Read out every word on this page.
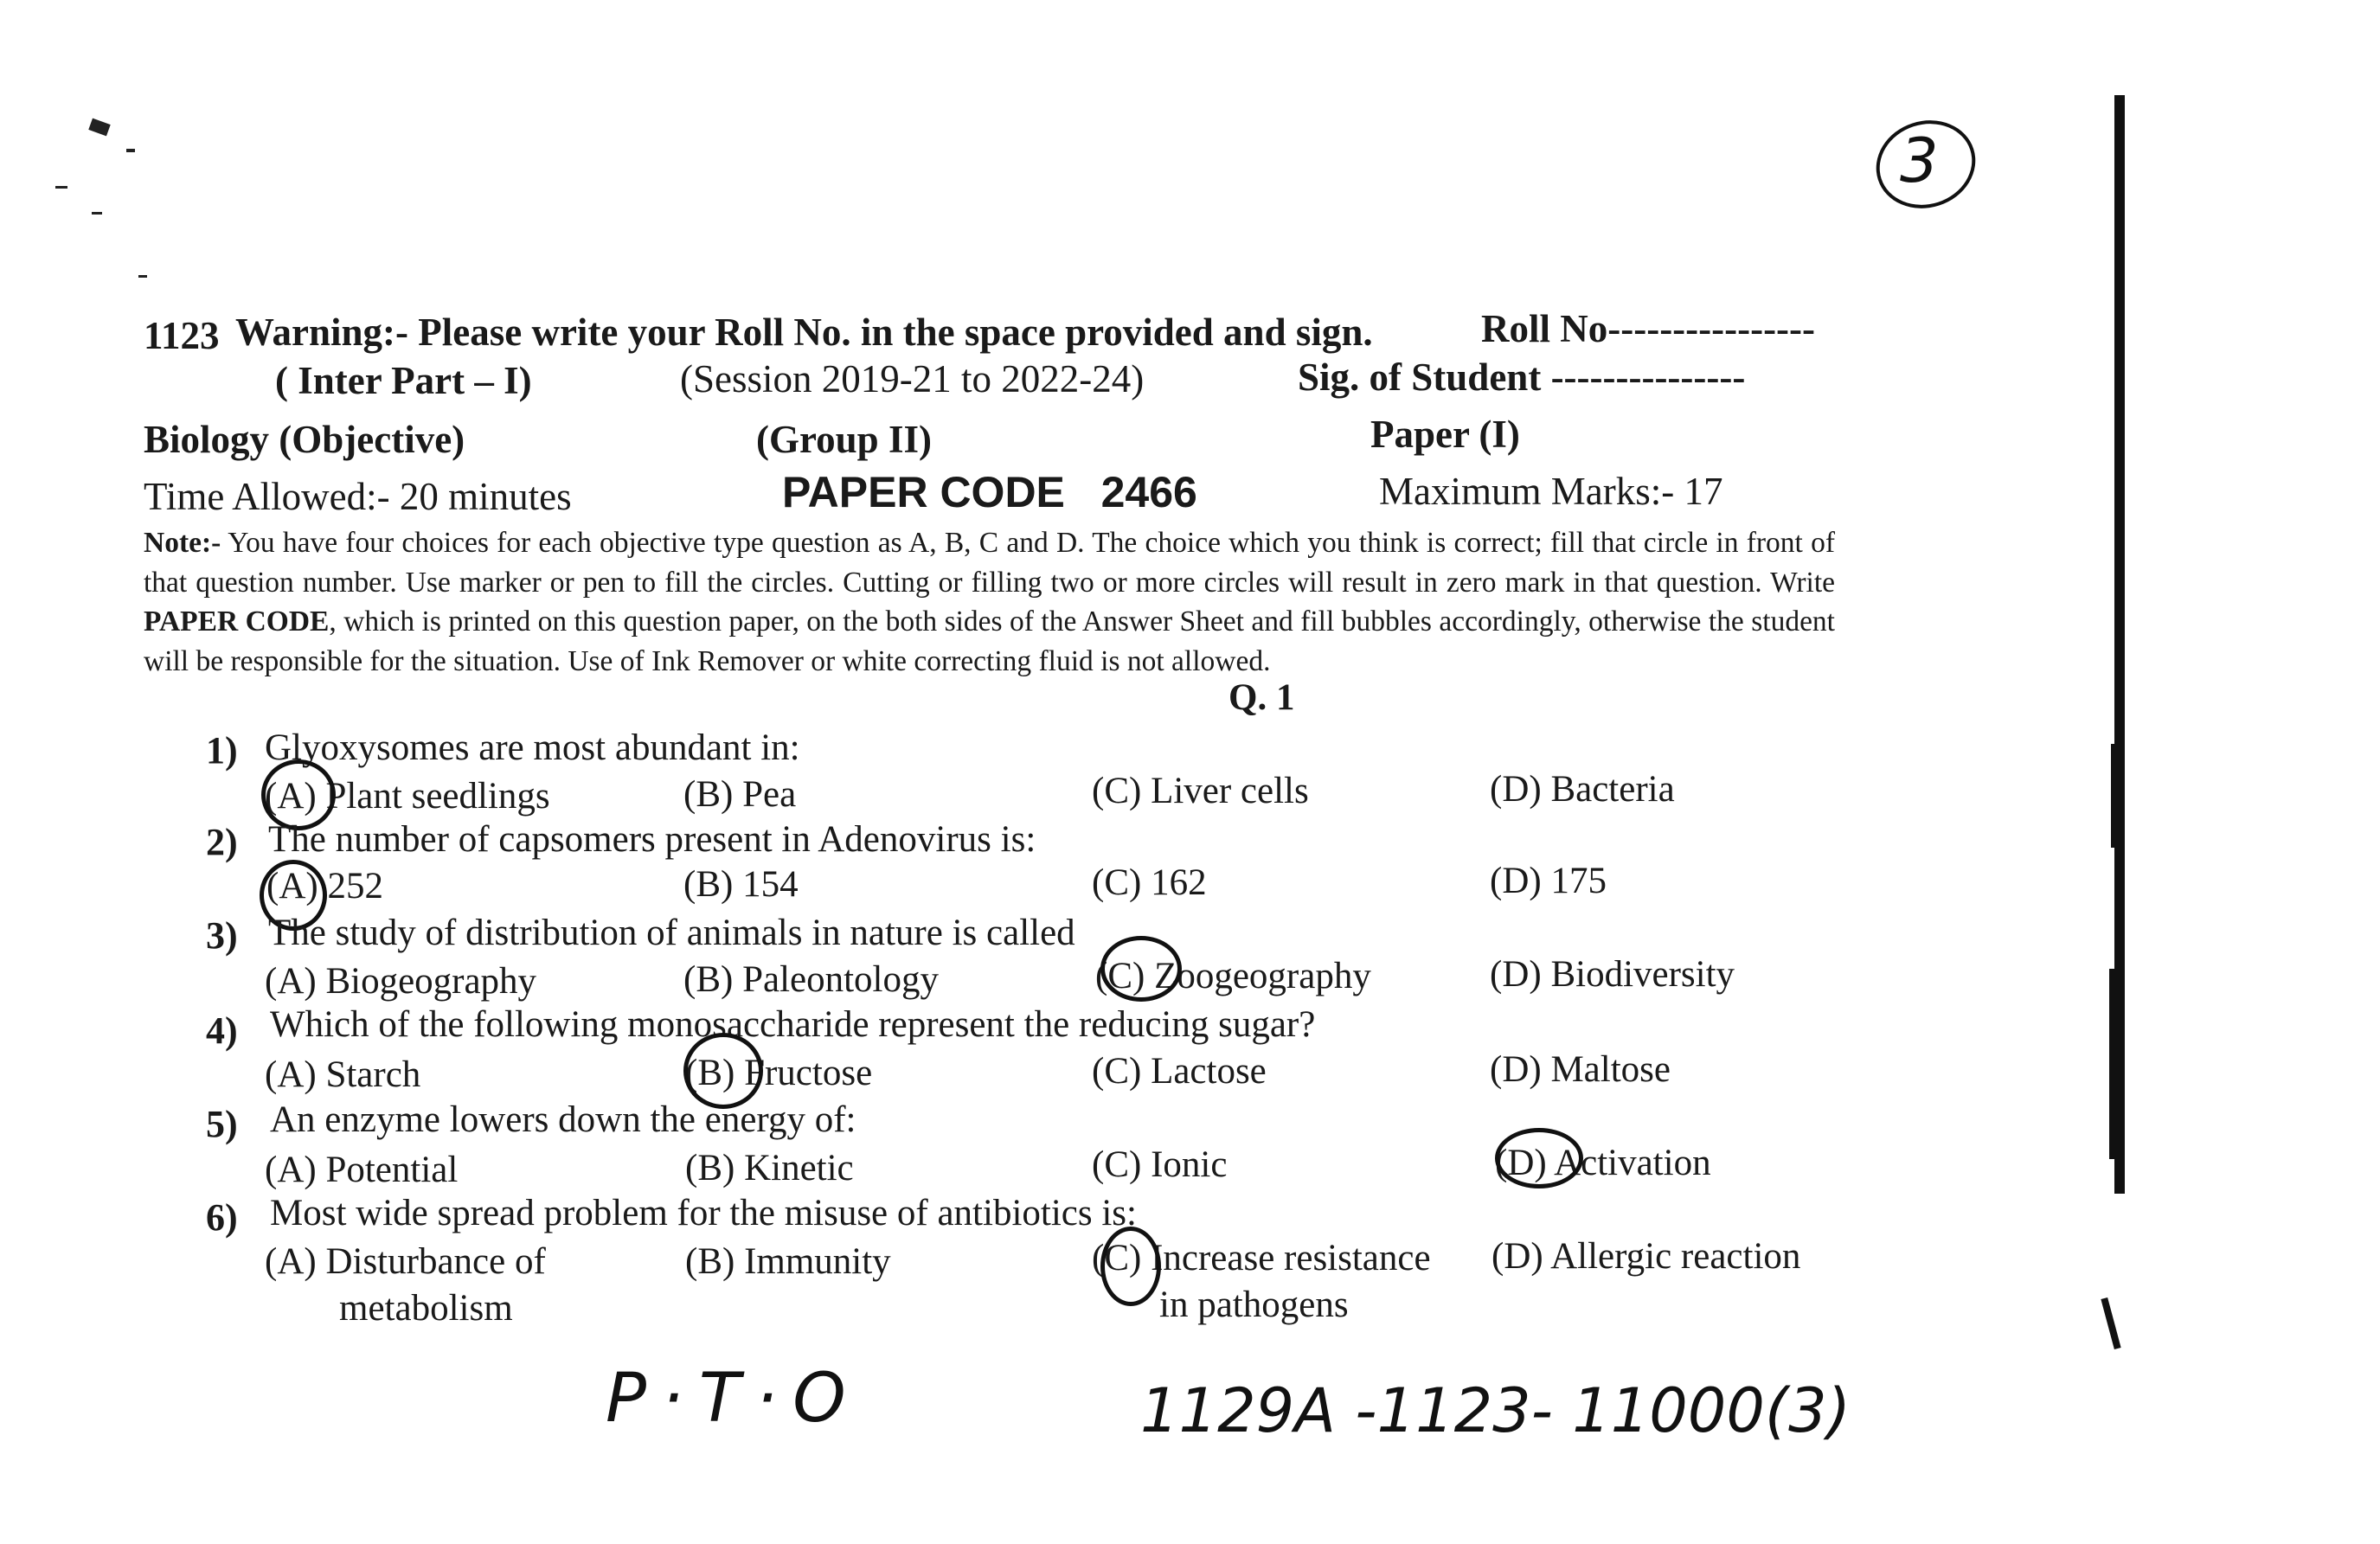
3
1123 Warning:- Please write your Roll No. in the space provided and sign.	Roll No----------------
( Inter Part – I)	(Session 2019-21 to 2022-24)	Sig. of Student ---------------
Biology (Objective)	(Group II)	Paper (I)
Time Allowed:- 20 minutes	PAPER CODE   2466	Maximum Marks:- 17
Note:- You have four choices for each objective type question as A, B, C and D. The choice which you think is correct; fill that circle in front of that question number. Use marker or pen to fill the circles. Cutting or filling two or more circles will result in zero mark in that question. Write PAPER CODE, which is printed on this question paper, on the both sides of the Answer Sheet and fill bubbles accordingly, otherwise the student will be responsible for the situation. Use of Ink Remover or white correcting fluid is not allowed.
Q. 1
1) Glyoxysomes are most abundant in:
(A) Plant seedlings	(B) Pea	(C) Liver cells	(D) Bacteria
2) The number of capsomers present in Adenovirus is:
(A) 252	(B) 154	(C) 162	(D) 175
3) The study of distribution of animals in nature is called
(A) Biogeography	(B) Paleontology	(C) Zoogeography	(D) Biodiversity
4) Which of the following monosaccharide represent the reducing sugar?
(A) Starch	(B) Fructose	(C) Lactose	(D) Maltose
5) An enzyme lowers down the energy of:
(A) Potential	(B) Kinetic	(C) Ionic	(D) Activation
6) Most wide spread problem for the misuse of antibiotics is:
(A) Disturbance of
metabolism
(B) Immunity	(C) Increase resistance
in pathogens
(D) Allergic reaction
P·T·O	1129A -1123- 11000(3)
